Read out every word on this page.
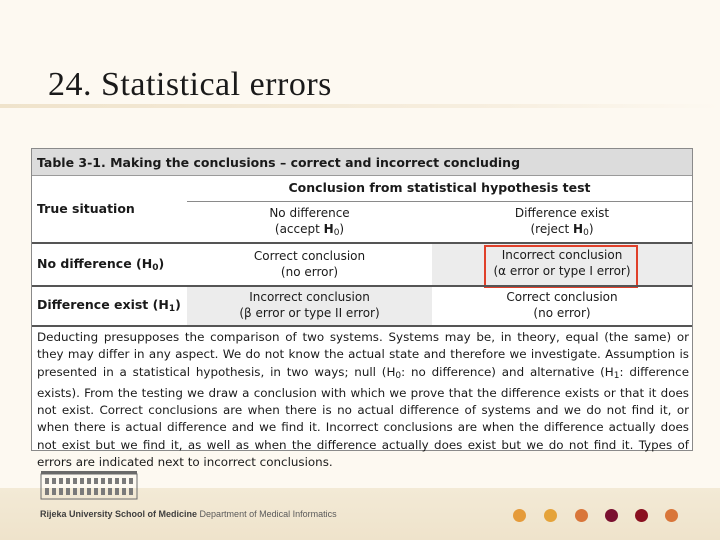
24. Statistical errors
Table 3-1. Making the conclusions – correct and incorrect concluding
True situation
Conclusion from statistical hypothesis test
No difference
(accept $H_0$)
Difference exist
(reject $H_0$)
No difference $(H_0)$	Correct conclusion
(no error)
Incorrect conclusion
(α error or type I error)
Difference exist $(H_1)$	Incorrect conclusion
(β error or type II error)
Correct conclusion
(no error)
Deducting presupposes the comparison of two systems. Systems may be, in theory, equal (the same) or they may differ in any aspect. We do not know the actual state and therefore we investigate. Assumption is presented in a statistical hypothesis, in two ways; null ($H_0$: no difference) and alternative ($H_1$: difference exists). From the testing we draw a conclusion with which we prove that the difference exists or that it does not exist. Correct conclusions are when there is no actual difference of systems and we do not find it, or when there is actual difference and we find it. Incorrect conclusions are when the difference actually does not exist but we find it, as well as when the difference actually does exist but we do not find it. Types of errors are indicated next to incorrect conclusions.
Rijeka University School of Medicine Department of Medical Informatics
